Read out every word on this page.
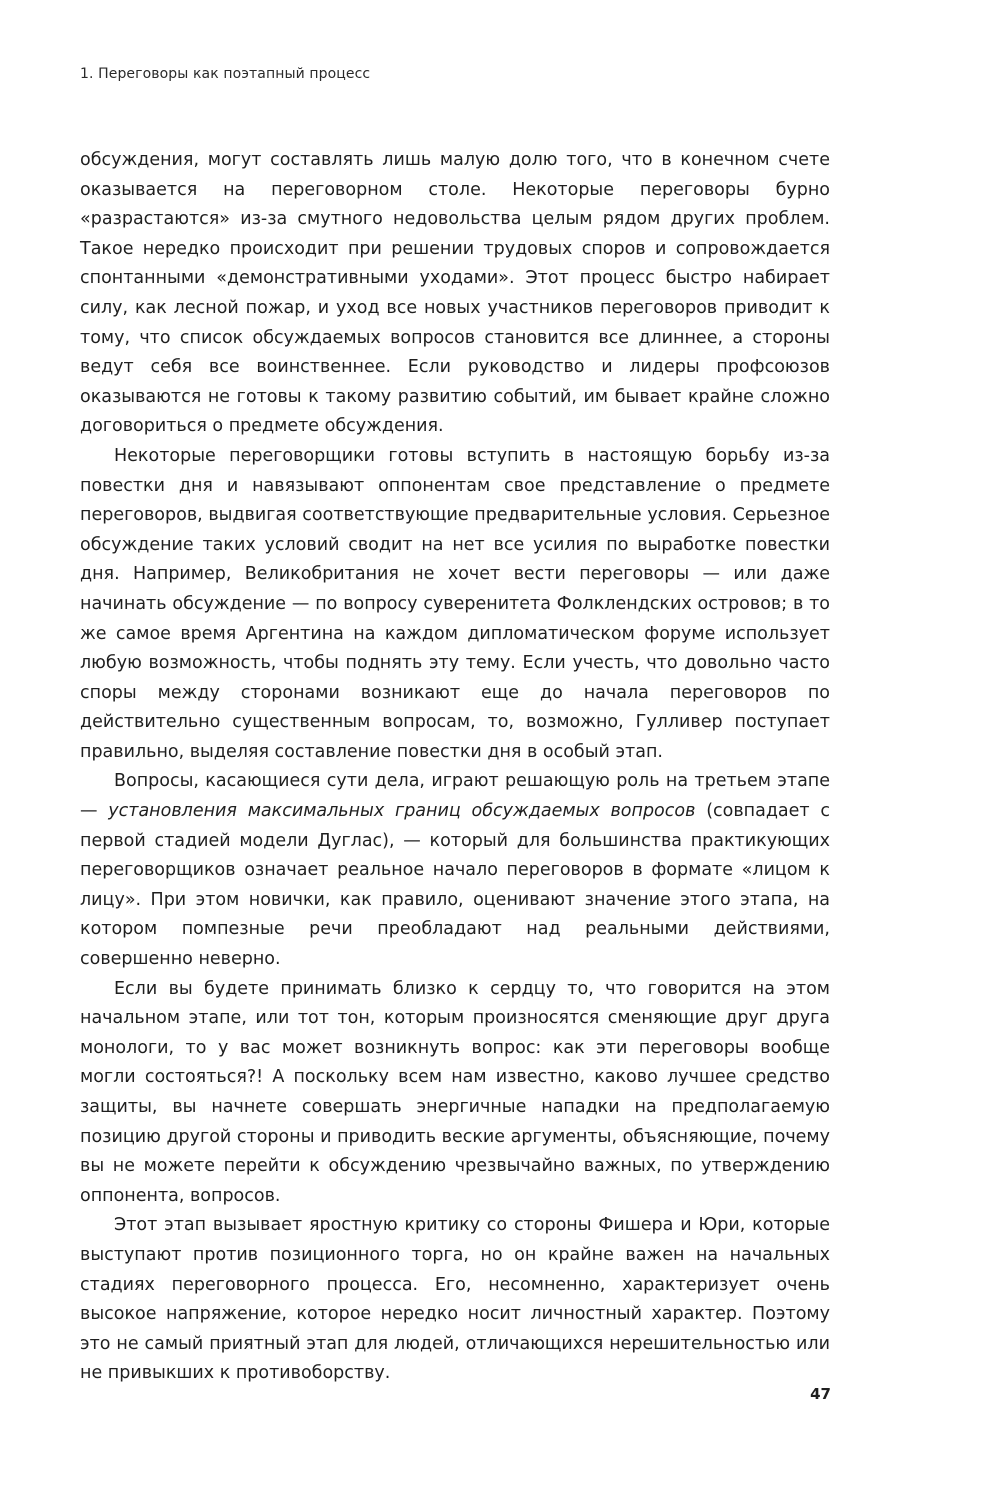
1. Переговоры как поэтапный процесс

обсуждения, могут составлять лишь малую долю того, что в конечном счете оказывается на переговорном столе. Некоторые переговоры бурно «разрастаются» из-за смутного недовольства целым рядом других проблем. Такое нередко происходит при решении трудовых споров и сопровождается спонтанными «демонстративными уходами». Этот процесс быстро набирает силу, как лесной пожар, и уход все новых участников переговоров приводит к тому, что список обсуждаемых вопросов становится все длиннее, а стороны ведут себя все воинственнее. Если руководство и лидеры профсоюзов оказываются не готовы к такому развитию событий, им бывает крайне сложно договориться о предмете обсуждения.

Некоторые переговорщики готовы вступить в настоящую борьбу из-за повестки дня и навязывают оппонентам свое представление о предмете переговоров, выдвигая соответствующие предварительные условия. Серьезное обсуждение таких условий сводит на нет все усилия по выработке повестки дня. Например, Великобритания не хочет вести переговоры — или даже начинать обсуждение — по вопросу суверенитета Фолклендских островов; в то же самое время Аргентина на каждом дипломатическом форуме использует любую возможность, чтобы поднять эту тему. Если учесть, что довольно часто споры между сторонами возникают еще до начала переговоров по действительно существенным вопросам, то, возможно, Гулливер поступает правильно, выделяя составление повестки дня в особый этап.

Вопросы, касающиеся сути дела, играют решающую роль на третьем этапе — установления максимальных границ обсуждаемых вопросов (совпадает с первой стадией модели Дуглас), — который для большинства практикующих переговорщиков означает реальное начало переговоров в формате «лицом к лицу». При этом новички, как правило, оценивают значение этого этапа, на котором помпезные речи преобладают над реальными действиями, совершенно неверно.

Если вы будете принимать близко к сердцу то, что говорится на этом начальном этапе, или тот тон, которым произносятся сменяющие друг друга монологи, то у вас может возникнуть вопрос: как эти переговоры вообще могли состояться?! А поскольку всем нам известно, каково лучшее средство защиты, вы начнете совершать энергичные нападки на предполагаемую позицию другой стороны и приводить веские аргументы, объясняющие, почему вы не можете перейти к обсуждению чрезвычайно важных, по утверждению оппонента, вопросов.

Этот этап вызывает яростную критику со стороны Фишера и Юри, которые выступают против позиционного торга, но он крайне важен на начальных стадиях переговорного процесса. Его, несомненно, характеризует очень высокое напряжение, которое нередко носит личностный характер. Поэтому это не самый приятный этап для людей, отличающихся нерешительностью или не привыкших к противоборству.

47
